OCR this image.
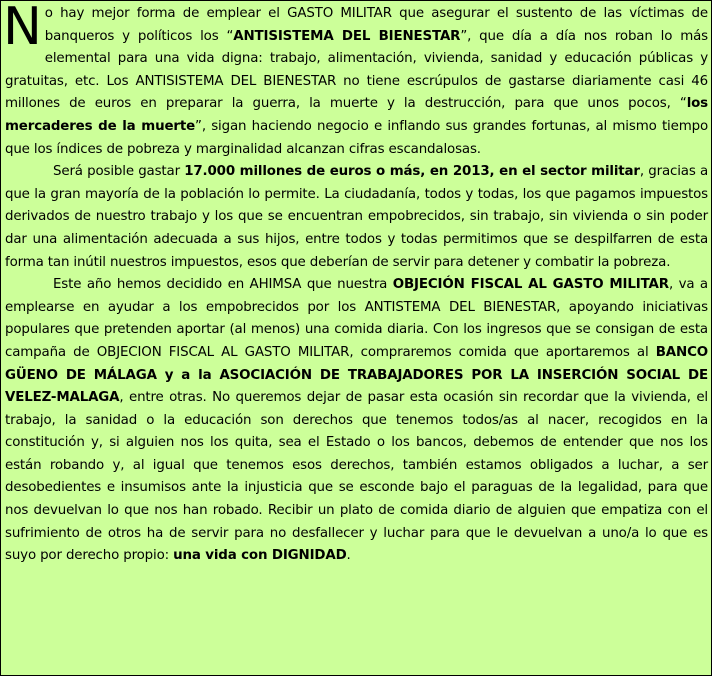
No hay mejor forma de emplear el GASTO MILITAR que asegurar el sustento de las víctimas de banqueros y políticos los “ANTISISTEMA DEL BIENESTAR”, que día a día nos roban lo más elemental para una vida digna: trabajo, alimentación, vivienda, sanidad y educación públicas y gratuitas, etc. Los ANTISISTEMA DEL BIENESTAR no tiene escrúpulos de gastarse diariamente casi 46 millones de euros en preparar la guerra, la muerte y la destrucción, para que unos pocos, “los mercaderes de la muerte”, sigan haciendo negocio e inflando sus grandes fortunas, al mismo tiempo que los índices de pobreza y marginalidad alcanzan cifras escandalosas.

Será posible gastar 17.000 millones de euros o más, en 2013, en el sector militar, gracias a que la gran mayoría de la población lo permite. La ciudadanía, todos y todas, los que pagamos impuestos derivados de nuestro trabajo y los que se encuentran empobrecidos, sin trabajo, sin vivienda o sin poder dar una alimentación adecuada a sus hijos, entre todos y todas permitimos que se despilfarren de esta forma tan inútil nuestros impuestos, esos que deberían de servir para detener y combatir la pobreza.

Este año hemos decidido en AHIMSA que nuestra OBJECIÓN FISCAL AL GASTO MILITAR, va a emplearse en ayudar a los empobrecidos por los ANTISTEMA DEL BIENESTAR, apoyando iniciativas populares que pretenden aportar (al menos) una comida diaria. Con los ingresos que se consigan de esta campaña de OBJECION FISCAL AL GASTO MILITAR, compraremos comida que aportaremos al BANCO GÜENO DE MÁLAGA y a la ASOCIACIÓN DE TRABAJADORES POR LA INSERCIÓN SOCIAL DE VELEZ-MALAGA, entre otras. No queremos dejar de pasar esta ocasión sin recordar que la vivienda, el trabajo, la sanidad o la educación son derechos que tenemos todos/as al nacer, recogidos en la constitución y, si alguien nos los quita, sea el Estado o los bancos, debemos de entender que nos los están robando y, al igual que tenemos esos derechos, también estamos obligados a luchar, a ser desobedientes e insumisos ante la injusticia que se esconde bajo el paraguas de la legalidad, para que nos devuelvan lo que nos han robado. Recibir un plato de comida diario de alguien que empatiza con el sufrimiento de otros ha de servir para no desfallecer y luchar para que le devuelvan a uno/a lo que es suyo por derecho propio: una vida con DIGNIDAD.
